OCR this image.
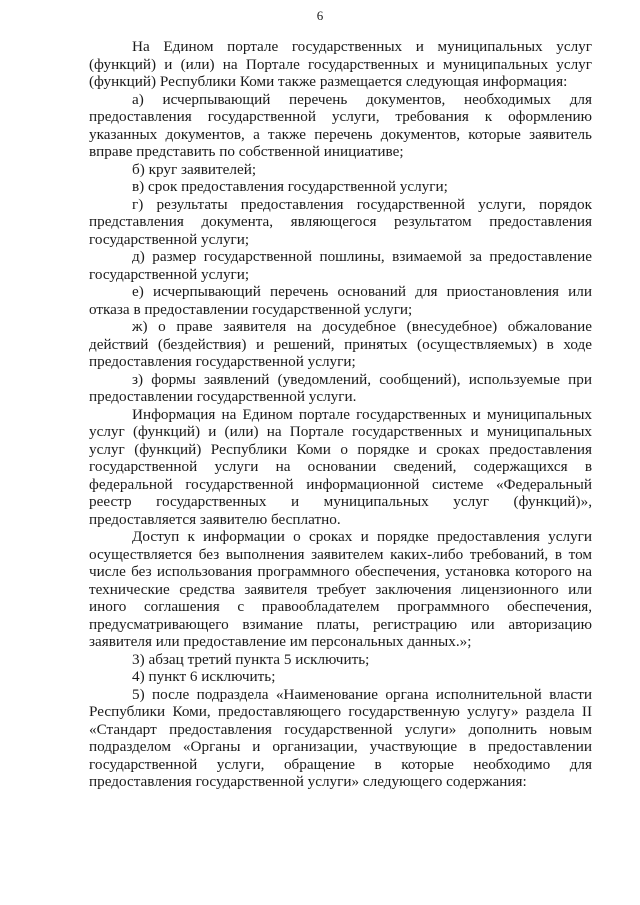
6

На Едином портале государственных и муниципальных услуг (функций) и (или) на Портале государственных и муниципальных услуг (функций) Республики Коми также размещается следующая информация:

а) исчерпывающий перечень документов, необходимых для предоставления государственной услуги, требования к оформлению указанных документов, а также перечень документов, которые заявитель вправе представить по собственной инициативе;

б) круг заявителей;

в) срок предоставления государственной услуги;

г) результаты предоставления государственной услуги, порядок представления документа, являющегося результатом предоставления государственной услуги;

д) размер государственной пошлины, взимаемой за предоставление государственной услуги;

е) исчерпывающий перечень оснований для приостановления или отказа в предоставлении государственной услуги;

ж) о праве заявителя на досудебное (внесудебное) обжалование действий (бездействия) и решений, принятых (осуществляемых) в ходе предоставления государственной услуги;

з) формы заявлений (уведомлений, сообщений), используемые при предоставлении государственной услуги.

Информация на Едином портале государственных и муниципальных услуг (функций) и (или) на Портале государственных и муниципальных услуг (функций) Республики Коми о порядке и сроках предоставления государственной услуги на основании сведений, содержащихся в федеральной государственной информационной системе «Федеральный реестр государственных и муниципальных услуг (функций)», предоставляется заявителю бесплатно.

Доступ к информации о сроках и порядке предоставления услуги осуществляется без выполнения заявителем каких-либо требований, в том числе без использования программного обеспечения, установка которого на технические средства заявителя требует заключения лицензионного или иного соглашения с правообладателем программного обеспечения, предусматривающего взимание платы, регистрацию или авторизацию заявителя или предоставление им персональных данных.»;

3) абзац третий пункта 5 исключить;

4) пункт 6 исключить;

5) после подраздела «Наименование органа исполнительной власти Республики Коми, предоставляющего государственную услугу» раздела II «Стандарт предоставления государственной услуги» дополнить новым подразделом «Органы и организации, участвующие в предоставлении государственной услуги, обращение в которые необходимо для предоставления государственной услуги» следующего содержания:
